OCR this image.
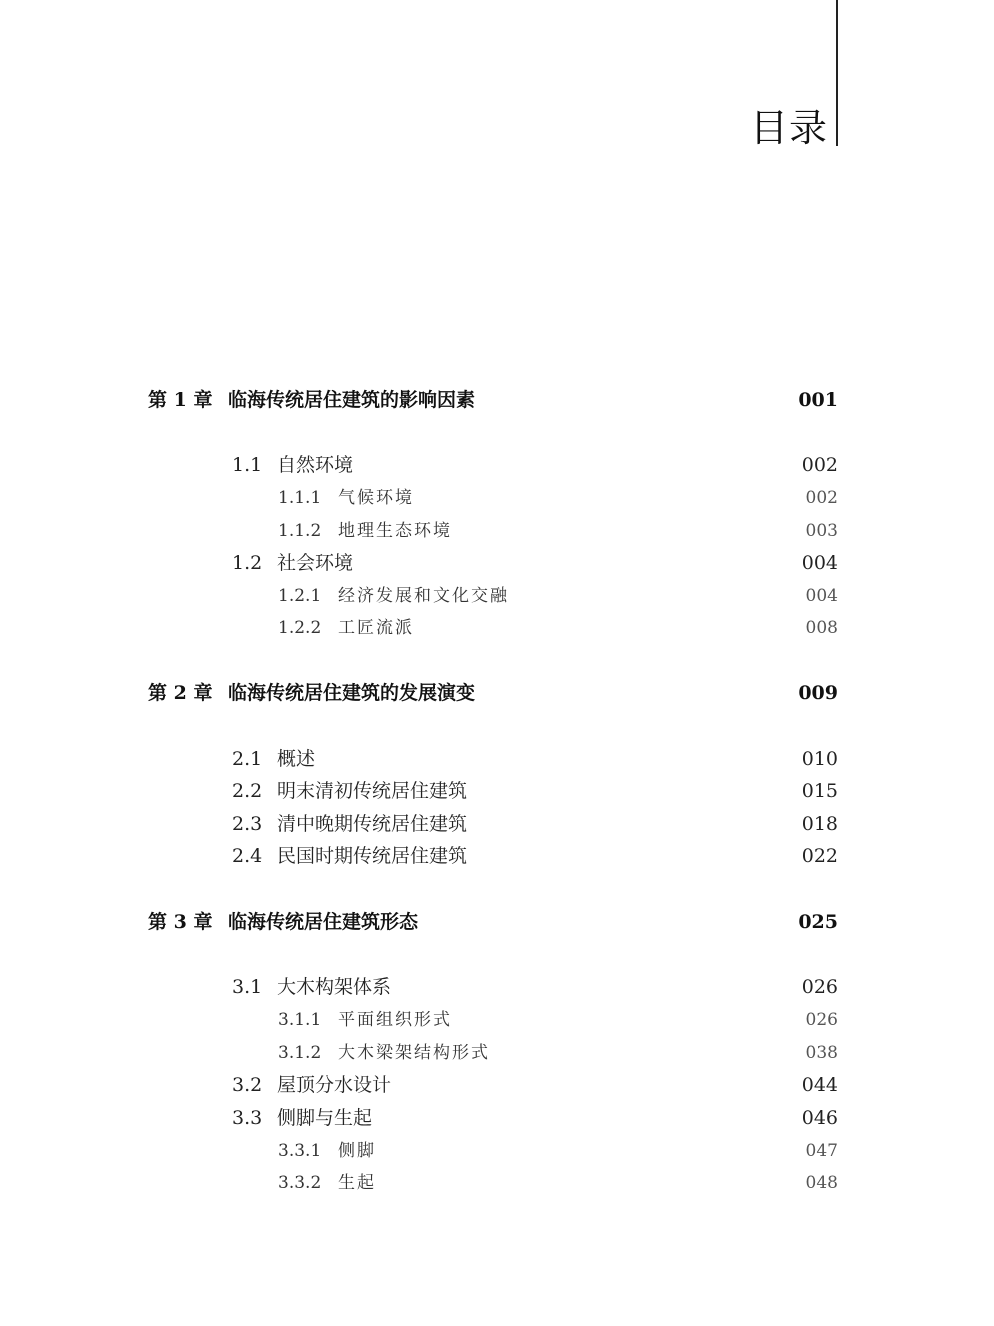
目录
第 1 章 临海传统居住建筑的影响因素	001
1.1 自然环境	002
1.1.1 气候环境	002
1.1.2 地理生态环境	003
1.2 社会环境	004
1.2.1 经济发展和文化交融	004
1.2.2 工匠流派	008
第 2 章 临海传统居住建筑的发展演变	009
2.1 概述	010
2.2 明末清初传统居住建筑	015
2.3 清中晚期传统居住建筑	018
2.4 民国时期传统居住建筑	022
第 3 章 临海传统居住建筑形态	025
3.1 大木构架体系	026
3.1.1 平面组织形式	026
3.1.2 大木梁架结构形式	038
3.2 屋顶分水设计	044
3.3 侧脚与生起	046
3.3.1 侧脚	047
3.3.2 生起	048
